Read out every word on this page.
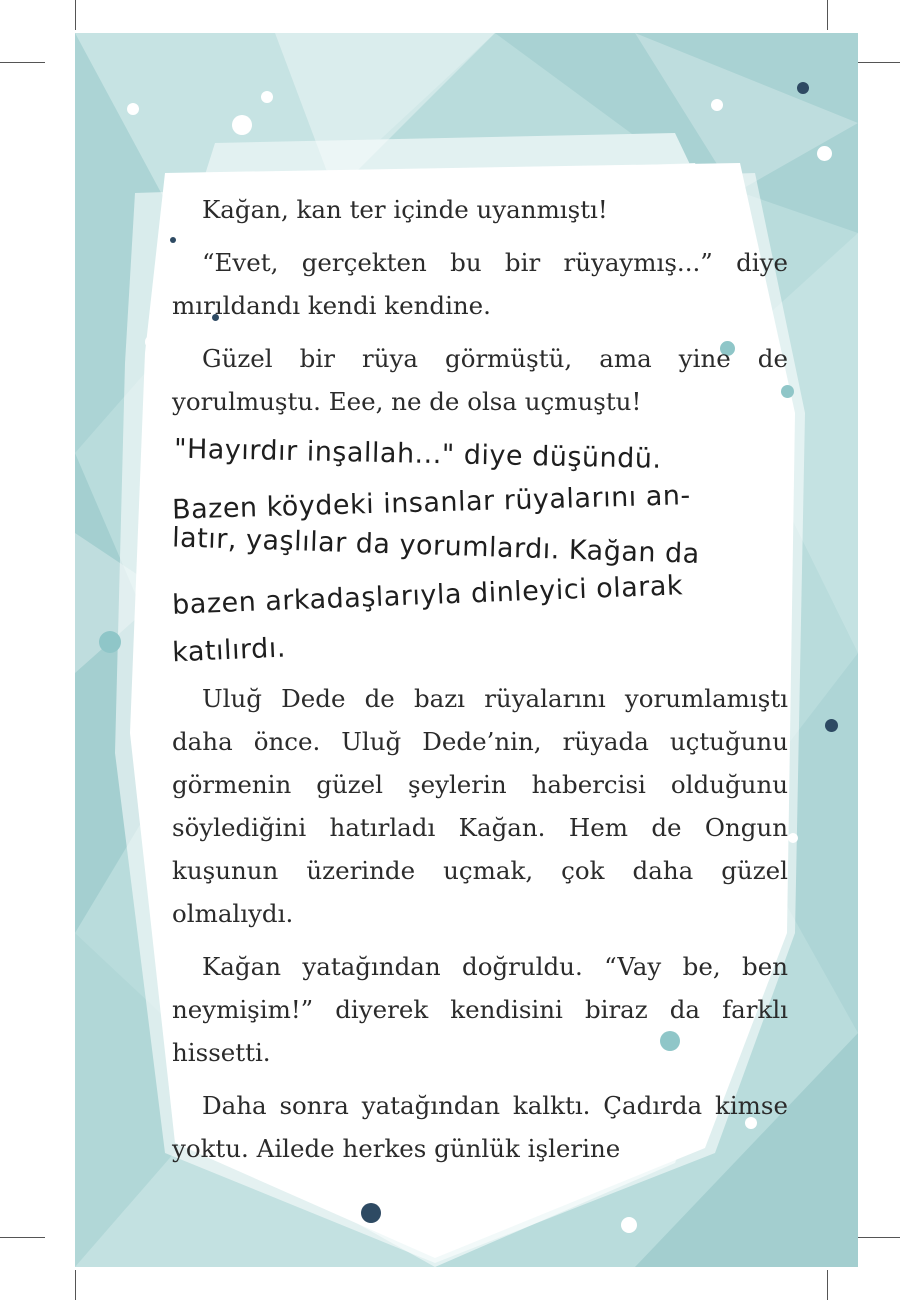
Kağan, kan ter içinde uyanmıştı!

“Evet, gerçekten bu bir rüyaymış...” diye mırıldandı kendi kendine.

Güzel bir rüya görmüştü, ama yine de yorulmuştu. Eee, ne de olsa uçmuştu!

"Hayırdır inşallah..." diye düşündü.
Bazen köydeki insanlar rüyalarını an-
latır, yaşlılar da yorumlardı. Kağan da
bazen arkadaşlarıyla dinleyici olarak
katılırdı.

Uluğ Dede de bazı rüyalarını yorumlamıştı daha önce. Uluğ Dede’nin, rüyada uçtuğunu görmenin güzel şeylerin habercisi olduğunu söylediğini hatırladı Kağan. Hem de Ongun kuşunun üzerinde uçmak, çok daha güzel olmalıydı.

Kağan yatağından doğruldu. “Vay be, ben neymişim!” diyerek kendisini biraz da farklı hissetti.

Daha sonra yatağından kalktı. Çadırda kimse yoktu. Ailede herkes günlük işlerine
